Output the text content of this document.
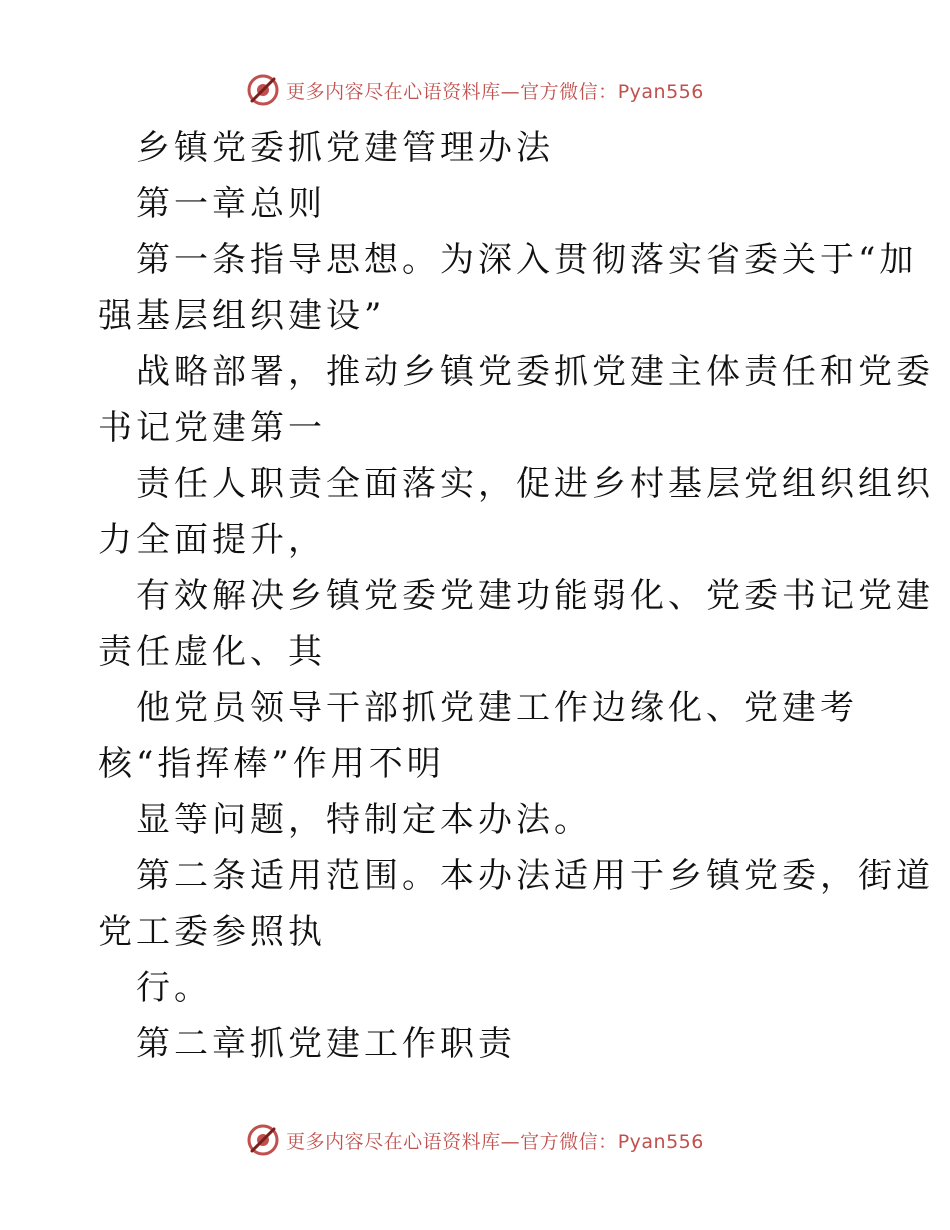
更多内容尽在心语资料库—官方微信：Pyan556
乡镇党委抓党建管理办法
第一章总则
第一条指导思想。为深入贯彻落实省委关于“加
强基层组织建设”
战略部署，推动乡镇党委抓党建主体责任和党委
书记党建第一
责任人职责全面落实，促进乡村基层党组织组织
力全面提升，
有效解决乡镇党委党建功能弱化、党委书记党建
责任虚化、其
他党员领导干部抓党建工作边缘化、党建考
核“指挥棒”作用不明
显等问题，特制定本办法。
第二条适用范围。本办法适用于乡镇党委，街道
党工委参照执
行。
第二章抓党建工作职责
更多内容尽在心语资料库—官方微信：Pyan556
